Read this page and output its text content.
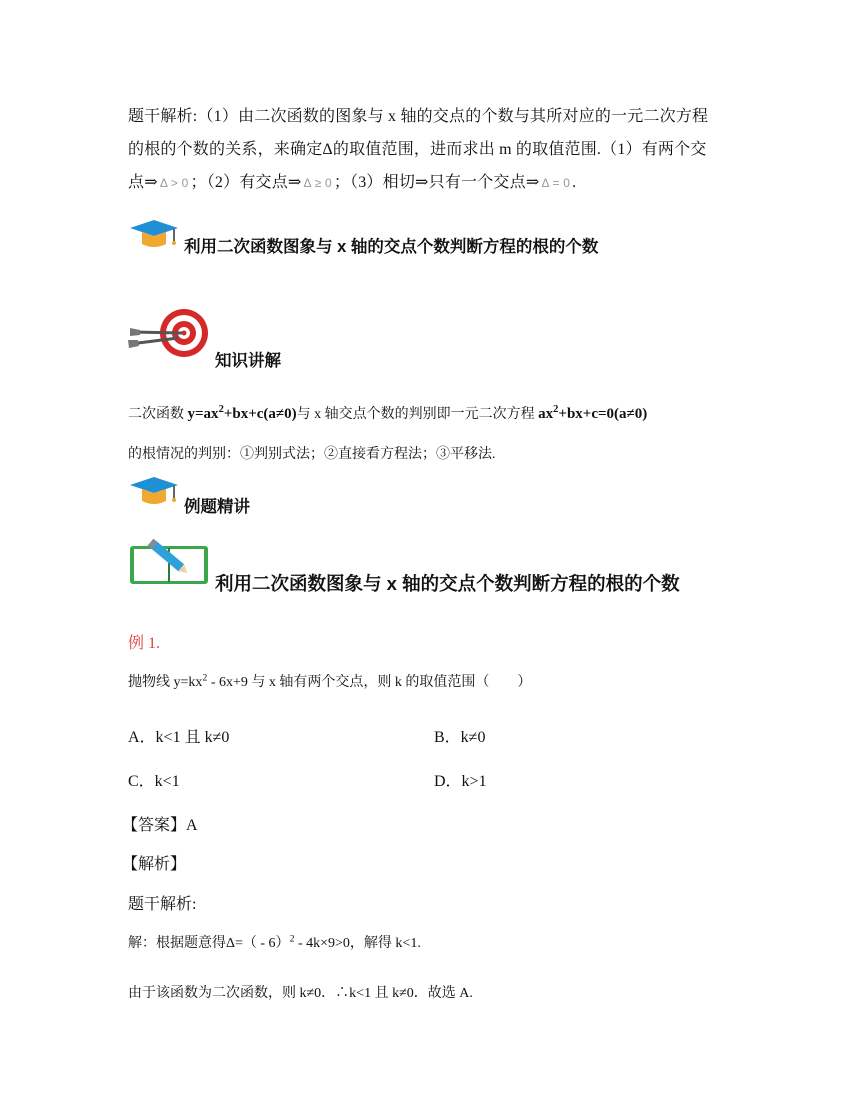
题干解析:（1）由二次函数的图象与 x 轴的交点的个数与其所对应的一元二次方程
的根的个数的关系，来确定Δ的取值范围，进而求出 m 的取值范围.（1）有两个交
点⇒ Δ > 0 ；（2）有交点⇒ Δ ≥ 0 ；（3）相切⇒只有一个交点⇒ Δ = 0 .
利用二次函数图象与 x 轴的交点个数判断方程的根的个数
知识讲解
二次函数 $y=ax^2+bx+c(a\ne 0)$与 x 轴交点个数的判别即一元二次方程 $ax^2+bx+c=0(a\ne 0)$
的根情况的判别：①判别式法；②直接看方程法；③平移法.
例题精讲
利用二次函数图象与 x 轴的交点个数判断方程的根的个数
例 1.
抛物线 $y=kx^2 - 6x+9$ 与 x 轴有两个交点，则 k 的取值范围（　　）
A．k<1 且 k≠0	B．k≠0
C．k<1	D．k>1
【答案】A
【解析】
题干解析:
解：根据题意得Δ=（ - 6）$^2$ - 4k×9>0，解得 k<1.
由于该函数为二次函数，则 k≠0．∴k<1 且 k≠0．故选 A.
